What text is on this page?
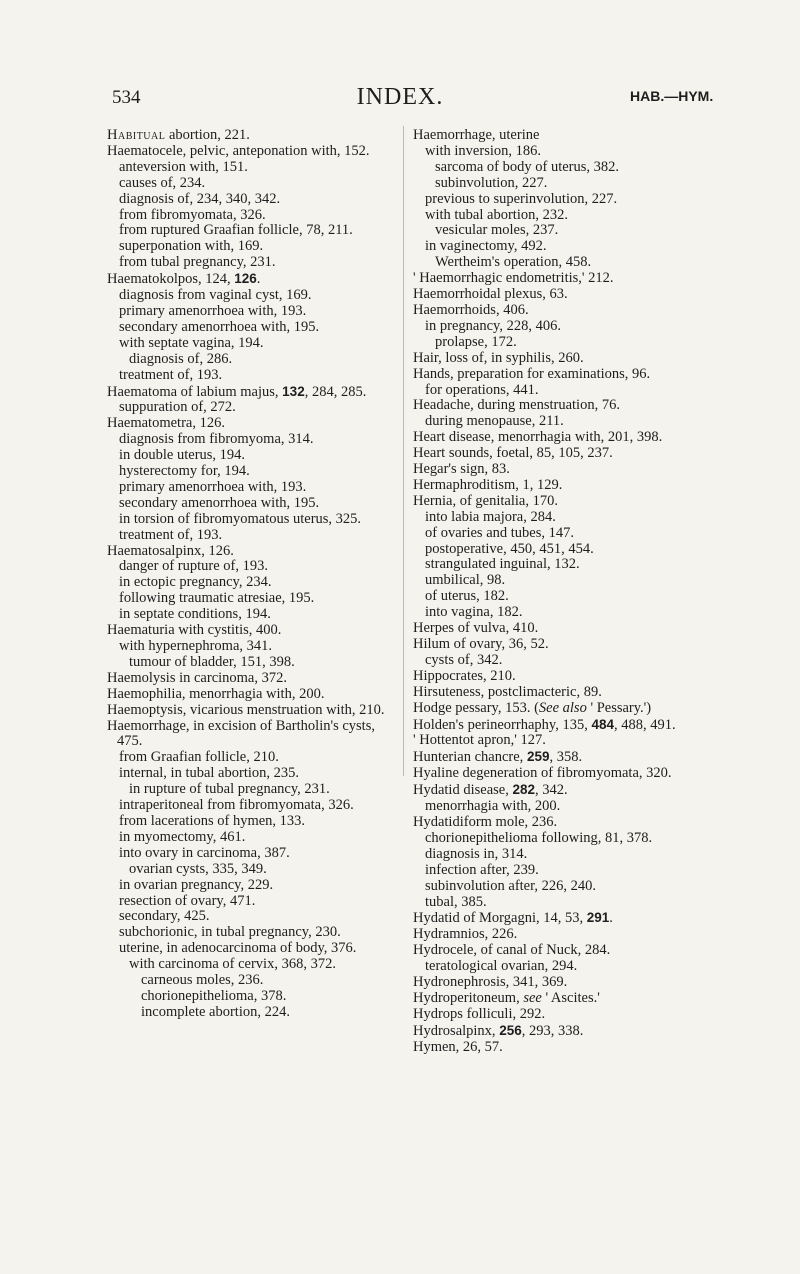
534	INDEX.	HAB.—HYM.

Habitual abortion, 221.

Haematocele, pelvic, anteponation with, 152.

anteversion with, 151.

causes of, 234.

diagnosis of, 234, 340, 342.

from fibromyomata, 326.

from ruptured Graafian follicle, 78, 211.

superponation with, 169.

from tubal pregnancy, 231.

Haematokolpos, 124, 126.

diagnosis from vaginal cyst, 169.

primary amenorrhoea with, 193.

secondary amenorrhoea with, 195.

with septate vagina, 194.

diagnosis of, 286.

treatment of, 193.

Haematoma of labium majus, 132, 284, 285.

suppuration of, 272.

Haematometra, 126.

diagnosis from fibromyoma, 314.

in double uterus, 194.

hysterectomy for, 194.

primary amenorrhoea with, 193.

secondary amenorrhoea with, 195.

in torsion of fibromyomatous uterus, 325.

treatment of, 193.

Haematosalpinx, 126.

danger of rupture of, 193.

in ectopic pregnancy, 234.

following traumatic atresiae, 195.

in septate conditions, 194.

Haematuria with cystitis, 400.

with hypernephroma, 341.

tumour of bladder, 151, 398.

Haemolysis in carcinoma, 372.

Haemophilia, menorrhagia with, 200.

Haemoptysis, vicarious menstruation with, 210.

Haemorrhage, in excision of Bartholin's cysts, 475.

from Graafian follicle, 210.

internal, in tubal abortion, 235.

in rupture of tubal pregnancy, 231.

intraperitoneal from fibromyomata, 326.

from lacerations of hymen, 133.

in myomectomy, 461.

into ovary in carcinoma, 387.

ovarian cysts, 335, 349.

in ovarian pregnancy, 229.

resection of ovary, 471.

secondary, 425.

subchorionic, in tubal pregnancy, 230.

uterine, in adenocarcinoma of body, 376.

with carcinoma of cervix, 368, 372.

carneous moles, 236.

chorionepithelioma, 378.

incomplete abortion, 224.

Haemorrhage, uterine

with inversion, 186.

sarcoma of body of uterus, 382.

subinvolution, 227.

previous to superinvolution, 227.

with tubal abortion, 232.

vesicular moles, 237.

in vaginectomy, 492.

Wertheim's operation, 458.

' Haemorrhagic endometritis,' 212.

Haemorrhoidal plexus, 63.

Haemorrhoids, 406.

in pregnancy, 228, 406.

prolapse, 172.

Hair, loss of, in syphilis, 260.

Hands, preparation for examinations, 96.

for operations, 441.

Headache, during menstruation, 76.

during menopause, 211.

Heart disease, menorrhagia with, 201, 398.

Heart sounds, foetal, 85, 105, 237.

Hegar's sign, 83.

Hermaphroditism, 1, 129.

Hernia, of genitalia, 170.

into labia majora, 284.

of ovaries and tubes, 147.

postoperative, 450, 451, 454.

strangulated inguinal, 132.

umbilical, 98.

of uterus, 182.

into vagina, 182.

Herpes of vulva, 410.

Hilum of ovary, 36, 52.

cysts of, 342.

Hippocrates, 210.

Hirsuteness, postclimacteric, 89.

Hodge pessary, 153. (See also ' Pessary.')

Holden's perineorrhaphy, 135, 484, 488, 491.

' Hottentot apron,' 127.

Hunterian chancre, 259, 358.

Hyaline degeneration of fibromyomata, 320.

Hydatid disease, 282, 342.

menorrhagia with, 200.

Hydatidiform mole, 236.

chorionepithelioma following, 81, 378.

diagnosis in, 314.

infection after, 239.

subinvolution after, 226, 240.

tubal, 385.

Hydatid of Morgagni, 14, 53, 291.

Hydramnios, 226.

Hydrocele, of canal of Nuck, 284.

teratological ovarian, 294.

Hydronephrosis, 341, 369.

Hydroperitoneum, see ' Ascites.'

Hydrops folliculi, 292.

Hydrosalpinx, 256, 293, 338.

Hymen, 26, 57.
